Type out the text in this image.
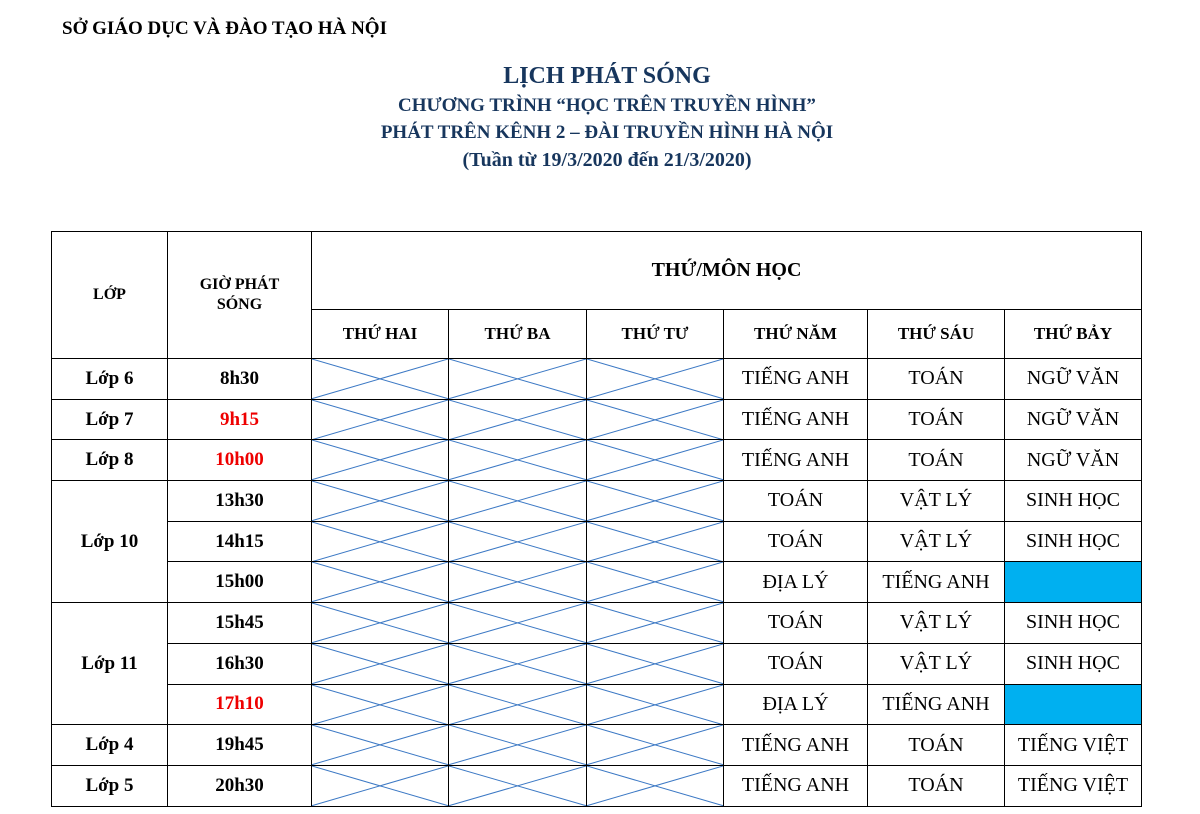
SỞ GIÁO DỤC VÀ ĐÀO TẠO HÀ NỘI
LỊCH PHÁT SÓNG
CHƯƠNG TRÌNH “HỌC TRÊN TRUYỀN HÌNH”
PHÁT TRÊN KÊNH 2 – ĐÀI TRUYỀN HÌNH HÀ NỘI
(Tuần từ 19/3/2020 đến 21/3/2020)
LỚP	GIỜ PHÁT SÓNG	THỨ/MÔN HỌC					
		THỨ HAI	THỨ BA	THỨ TƯ	THỨ NĂM	THỨ SÁU	THỨ BẢY
Lớp 6	8h30				TIẾNG ANH	TOÁN	NGỮ VĂN
Lớp 7	9h15				TIẾNG ANH	TOÁN	NGỮ VĂN
Lớp 8	10h00				TIẾNG ANH	TOÁN	NGỮ VĂN
Lớp 10	13h30				TOÁN	VẬT LÝ	SINH HỌC
	14h15				TOÁN	VẬT LÝ	SINH HỌC
	15h00				ĐỊA LÝ	TIẾNG ANH	
Lớp 11	15h45				TOÁN	VẬT LÝ	SINH HỌC
	16h30				TOÁN	VẬT LÝ	SINH HỌC
	17h10				ĐỊA LÝ	TIẾNG ANH	
Lớp 4	19h45				TIẾNG ANH	TOÁN	TIẾNG VIỆT
Lớp 5	20h30				TIẾNG ANH	TOÁN	TIẾNG VIỆT
